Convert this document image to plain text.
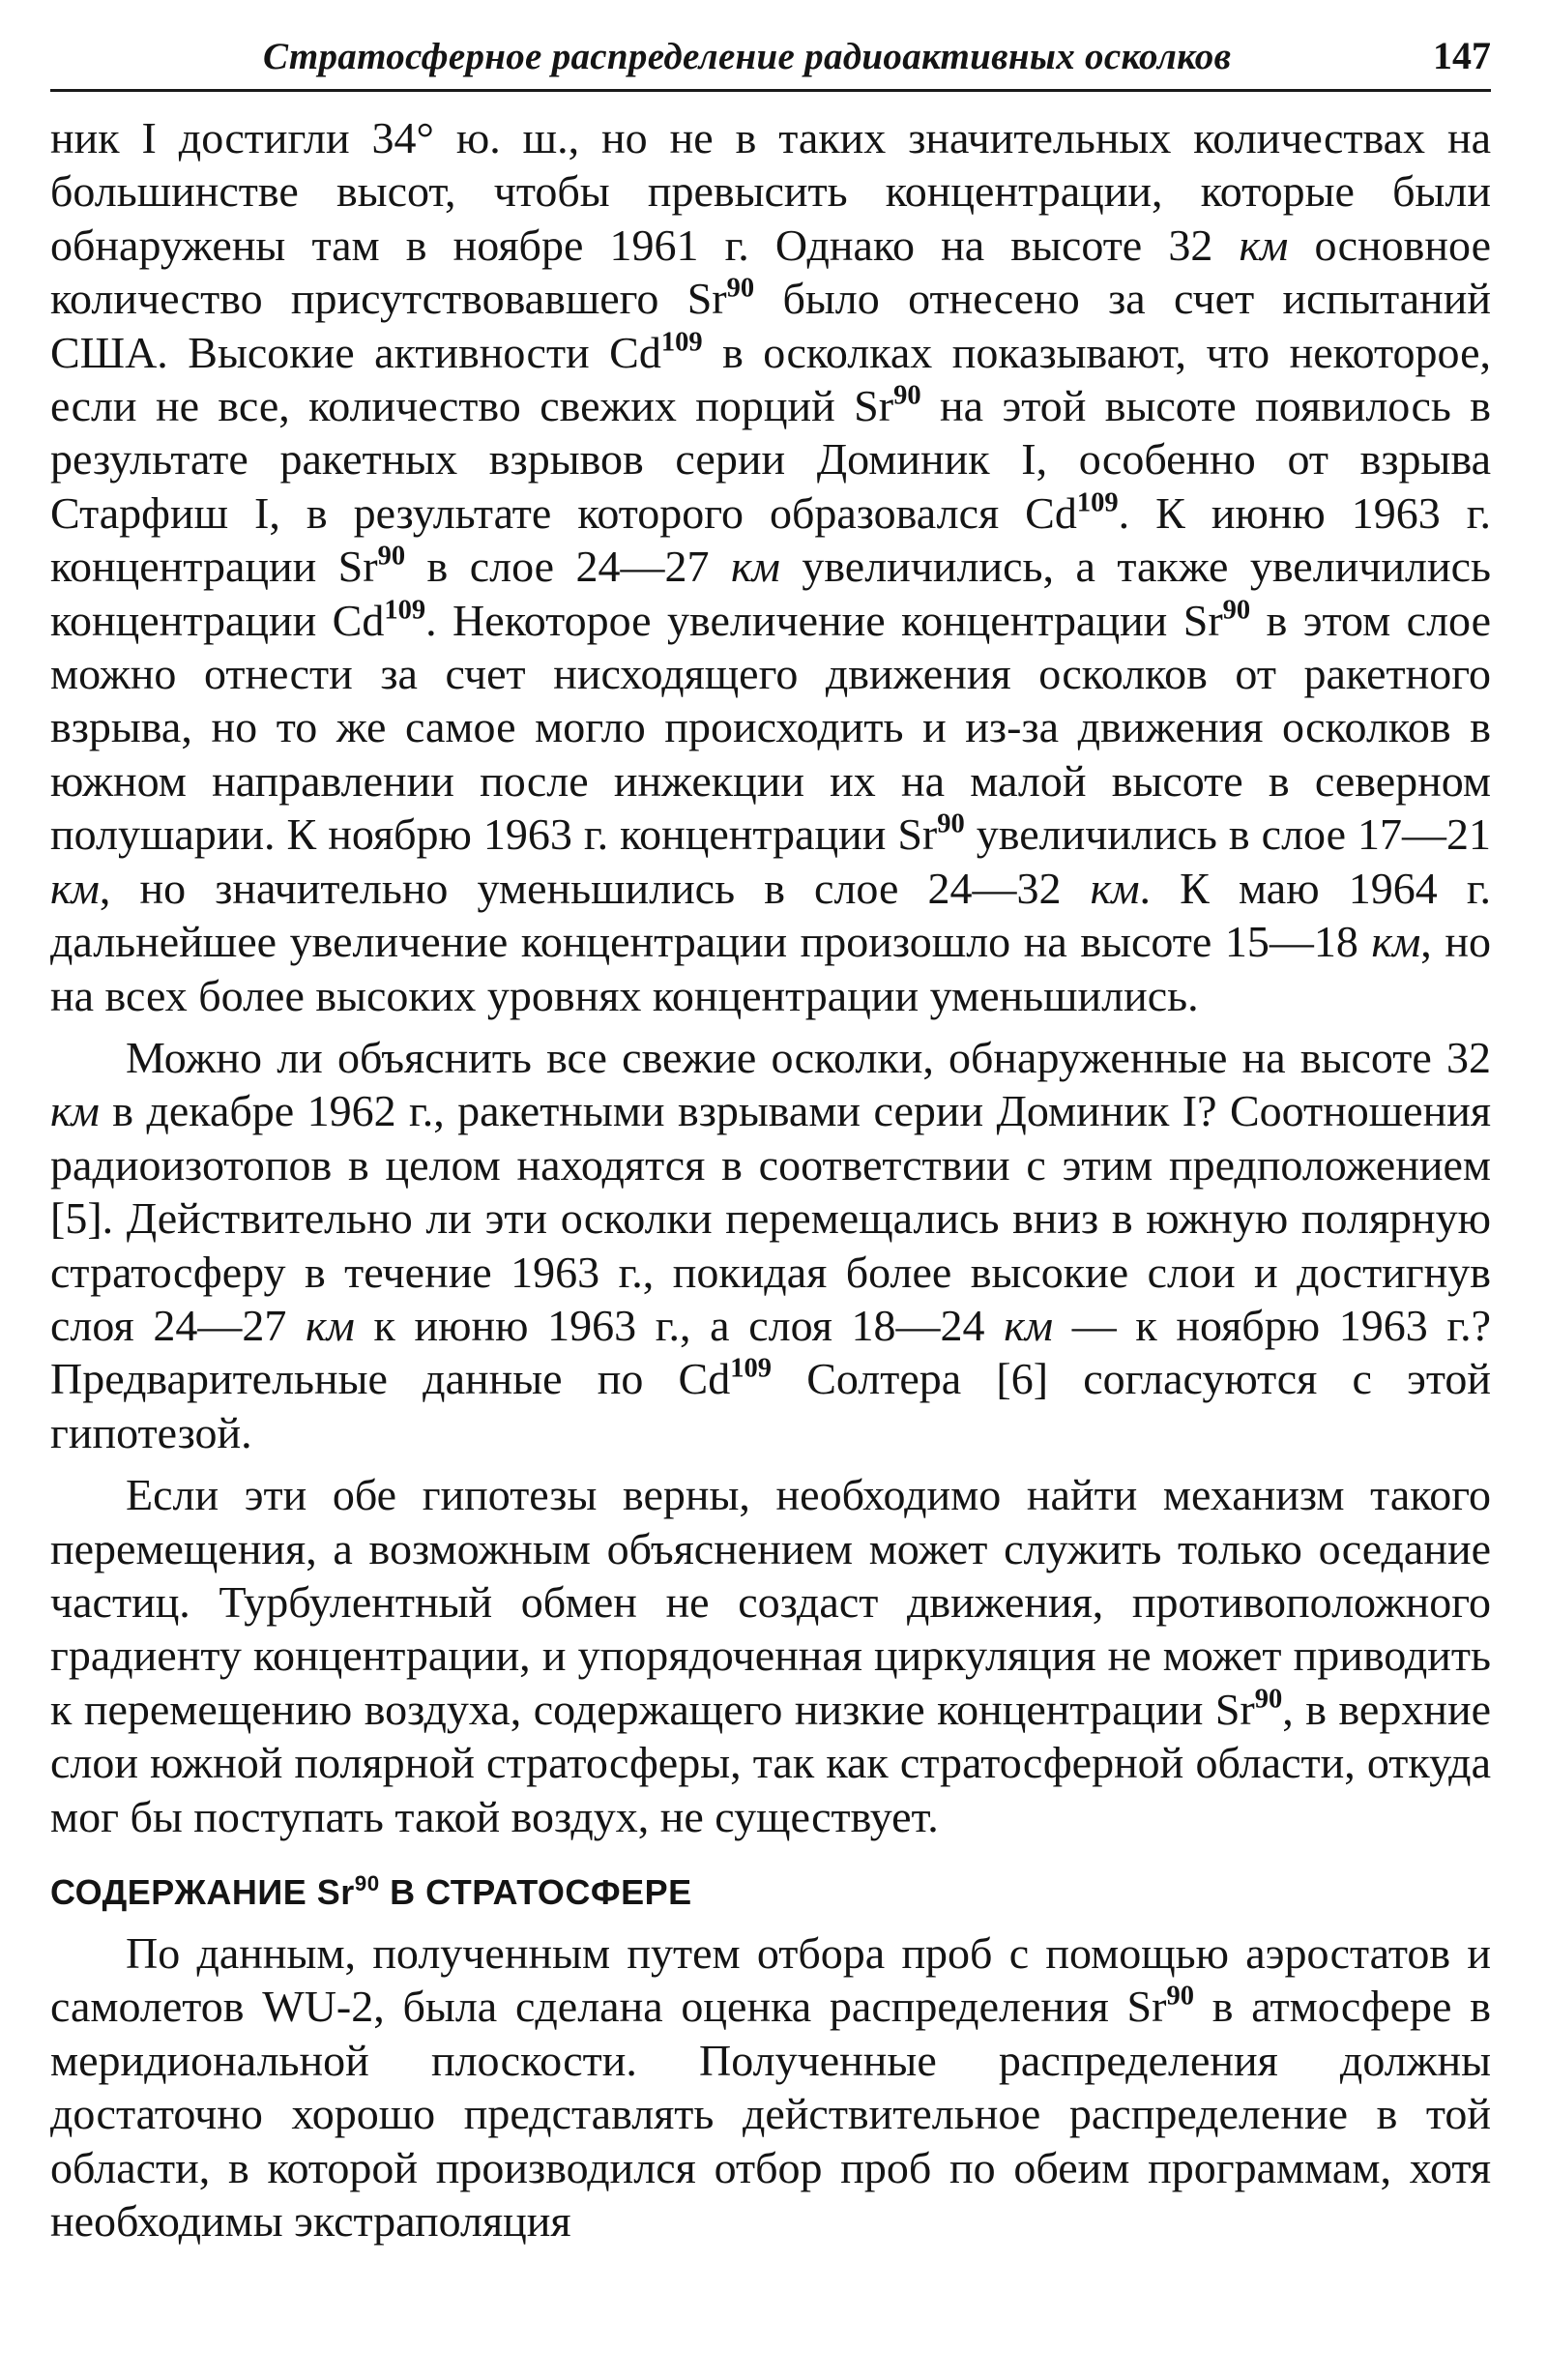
Стратосферное распределение радиоактивных осколков	147

ник I достигли 34° ю. ш., но не в таких значительных количествах на большинстве высот, чтобы превысить концентрации, которые были обнаружены там в ноябре 1961 г. Однако на высоте 32 км основное количество присутствовавшего Sr$^{90}$ было отнесено за счет испытаний США. Высокие активности Cd$^{109}$ в осколках показывают, что некоторое, если не все, количество свежих порций Sr$^{90}$ на этой высоте появилось в результате ракетных взрывов серии Доминик I, особенно от взрыва Старфиш I, в результате которого образовался Cd$^{109}$. К июню 1963 г. концентрации Sr$^{90}$ в слое 24—27 км увеличились, а также увеличились концентрации Cd$^{109}$. Некоторое увеличение концентрации Sr$^{90}$ в этом слое можно отнести за счет нисходящего движения осколков от ракетного взрыва, но то же самое могло происходить и из-за движения осколков в южном направлении после инжекции их на малой высоте в северном полушарии. К ноябрю 1963 г. концентрации Sr$^{90}$ увеличились в слое 17—21 км, но значительно уменьшились в слое 24—32 км. К маю 1964 г. дальнейшее увеличение концентрации произошло на высоте 15—18 км, но на всех более высоких уровнях концентрации уменьшились.

Можно ли объяснить все свежие осколки, обнаруженные на высоте 32 км в декабре 1962 г., ракетными взрывами серии Доминик I? Соотношения радиоизотопов в целом находятся в соответствии с этим предположением [5]. Действительно ли эти осколки перемещались вниз в южную полярную стратосферу в течение 1963 г., покидая более высокие слои и достигнув слоя 24—27 км к июню 1963 г., а слоя 18—24 км — к ноябрю 1963 г.? Предварительные данные по Cd$^{109}$ Солтера [6] согласуются с этой гипотезой.

Если эти обе гипотезы верны, необходимо найти механизм такого перемещения, а возможным объяснением может служить только оседание частиц. Турбулентный обмен не создаст движения, противоположного градиенту концентрации, и упорядоченная циркуляция не может приводить к перемещению воздуха, содержащего низкие концентрации Sr$^{90}$, в верхние слои южной полярной стратосферы, так как стратосферной области, откуда мог бы поступать такой воздух, не существует.

СОДЕРЖАНИЕ Sr$^{90}$ В СТРАТОСФЕРЕ

По данным, полученным путем отбора проб с помощью аэростатов и самолетов WU-2, была сделана оценка распределения Sr$^{90}$ в атмосфере в меридиональной плоскости. Полученные распределения должны достаточно хорошо представлять действительное распределение в той области, в которой производился отбор проб по обеим программам, хотя необходимы экстраполяция
